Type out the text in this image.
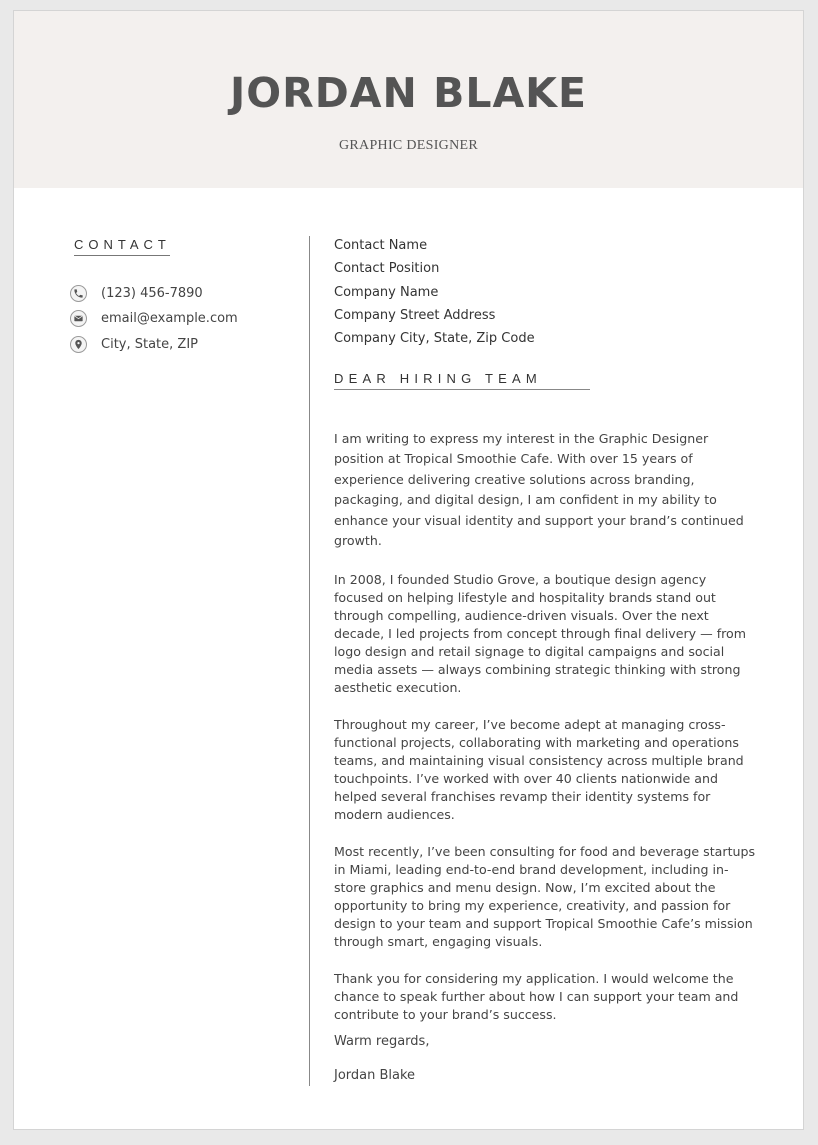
JORDAN BLAKE
GRAPHIC DESIGNER
CONTACT
(123) 456-7890
email@example.com
City, State, ZIP
Contact Name
Contact Position
Company Name
Company Street Address
Company City, State, Zip Code
DEAR HIRING TEAM

I am writing to express my interest in the Graphic Designer position at Tropical Smoothie Cafe. With over 15 years of experience delivering creative solutions across branding, packaging, and digital design, I am confident in my ability to enhance your visual identity and support your brand’s continued growth.

In 2008, I founded Studio Grove, a boutique design agency focused on helping lifestyle and hospitality brands stand out through compelling, audience-driven visuals. Over the next decade, I led projects from concept through final delivery — from logo design and retail signage to digital campaigns and social media assets — always combining strategic thinking with strong aesthetic execution.

Throughout my career, I’ve become adept at managing cross-functional projects, collaborating with marketing and operations teams, and maintaining visual consistency across multiple brand touchpoints. I’ve worked with over 40 clients nationwide and helped several franchises revamp their identity systems for modern audiences.

Most recently, I’ve been consulting for food and beverage startups in Miami, leading end-to-end brand development, including in-store graphics and menu design. Now, I’m excited about the opportunity to bring my experience, creativity, and passion for design to your team and support Tropical Smoothie Cafe’s mission through smart, engaging visuals.

Thank you for considering my application. I would welcome the chance to speak further about how I can support your team and contribute to your brand’s success.

Warm regards,
Jordan Blake
